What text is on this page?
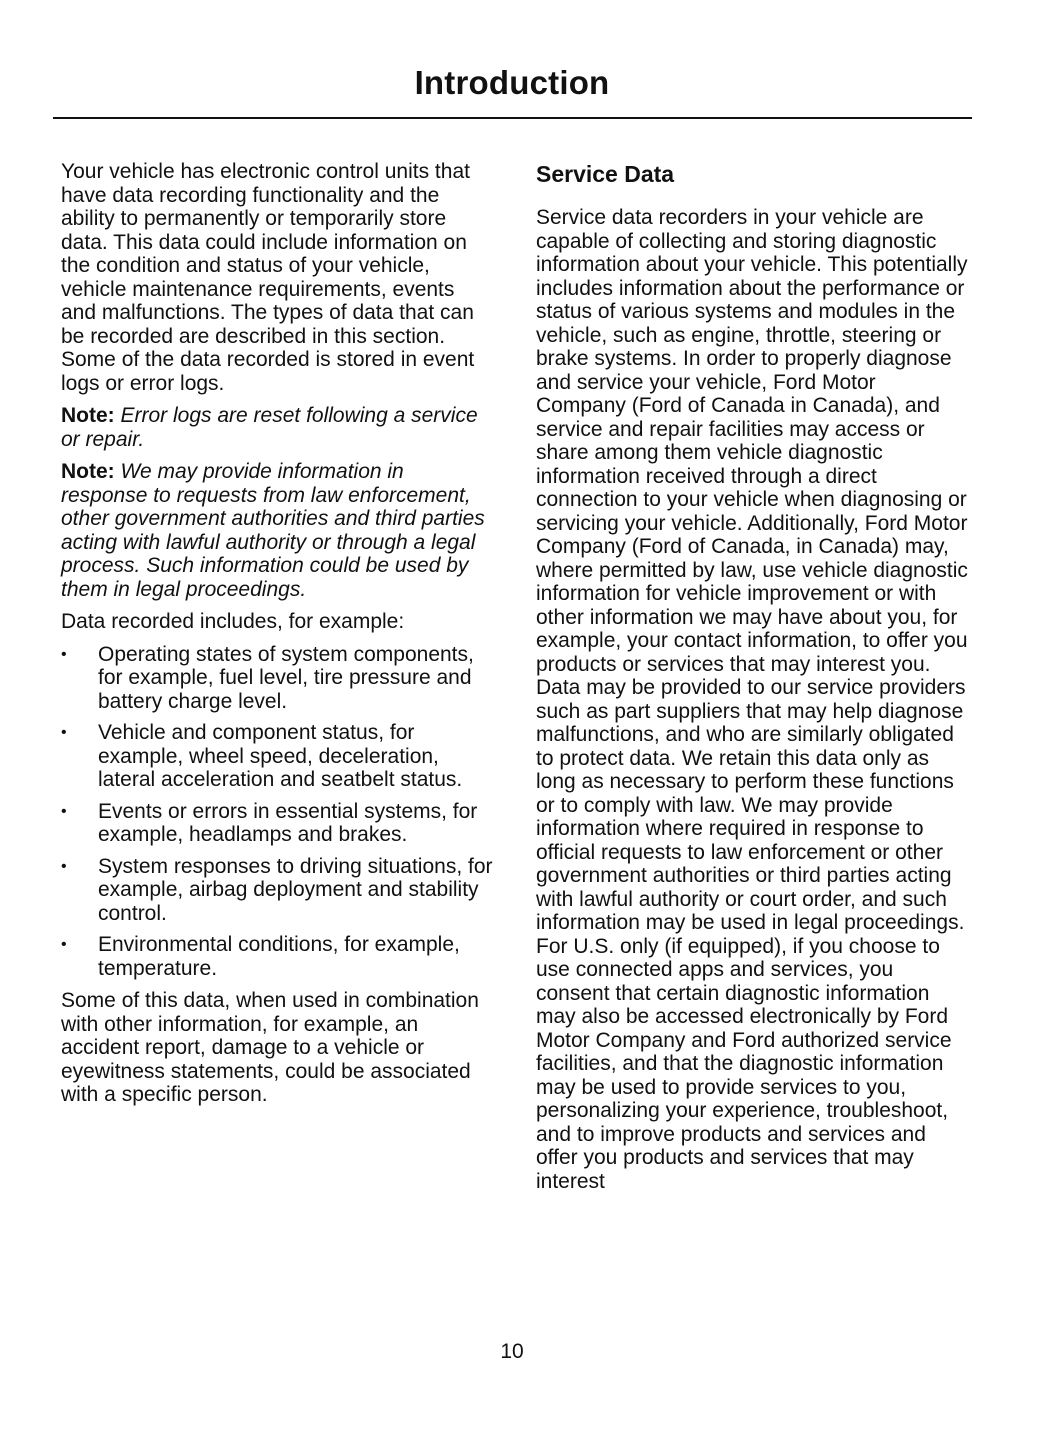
Introduction

Your vehicle has electronic control units that have data recording functionality and the ability to permanently or temporarily store data. This data could include information on the condition and status of your vehicle, vehicle maintenance requirements, events and malfunctions. The types of data that can be recorded are described in this section. Some of the data recorded is stored in event logs or error logs.

Note: Error logs are reset following a service or repair.

Note: We may provide information in response to requests from law enforcement, other government authorities and third parties acting with lawful authority or through a legal process. Such information could be used by them in legal proceedings.

Data recorded includes, for example:

• Operating states of system components, for example, fuel level, tire pressure and battery charge level.
• Vehicle and component status, for example, wheel speed, deceleration, lateral acceleration and seatbelt status.
• Events or errors in essential systems, for example, headlamps and brakes.
• System responses to driving situations, for example, airbag deployment and stability control.
• Environmental conditions, for example, temperature.

Some of this data, when used in combination with other information, for example, an accident report, damage to a vehicle or eyewitness statements, could be associated with a specific person.

Service Data

Service data recorders in your vehicle are capable of collecting and storing diagnostic information about your vehicle. This potentially includes information about the performance or status of various systems and modules in the vehicle, such as engine, throttle, steering or brake systems. In order to properly diagnose and service your vehicle, Ford Motor Company (Ford of Canada in Canada), and service and repair facilities may access or share among them vehicle diagnostic information received through a direct connection to your vehicle when diagnosing or servicing your vehicle. Additionally, Ford Motor Company (Ford of Canada, in Canada) may, where permitted by law, use vehicle diagnostic information for vehicle improvement or with other information we may have about you, for example, your contact information, to offer you products or services that may interest you. Data may be provided to our service providers such as part suppliers that may help diagnose malfunctions, and who are similarly obligated to protect data. We retain this data only as long as necessary to perform these functions or to comply with law. We may provide information where required in response to official requests to law enforcement or other government authorities or third parties acting with lawful authority or court order, and such information may be used in legal proceedings. For U.S. only (if equipped), if you choose to use connected apps and services, you consent that certain diagnostic information may also be accessed electronically by Ford Motor Company and Ford authorized service facilities, and that the diagnostic information may be used to provide services to you, personalizing your experience, troubleshoot, and to improve products and services and offer you products and services that may interest

10
